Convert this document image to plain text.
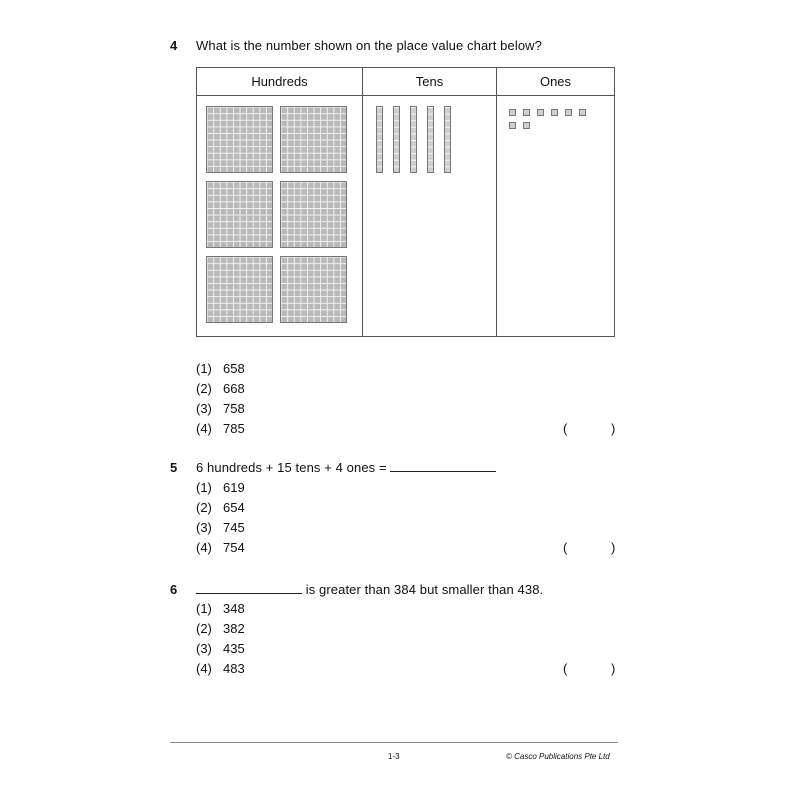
4 What is the number shown on the place value chart below?
Hundreds	Tens	Ones
(1) 658
(2) 668
(3) 758
(4) 785	(	)
5 6 hundreds + 15 tens + 4 ones =
(1) 619
(2) 654
(3) 745
(4) 754	(	)
6	is greater than 384 but smaller than 438.
(1) 348
(2) 382
(3) 435
(4) 483	(	)
1-3	© Casco Publications Pte Ltd
